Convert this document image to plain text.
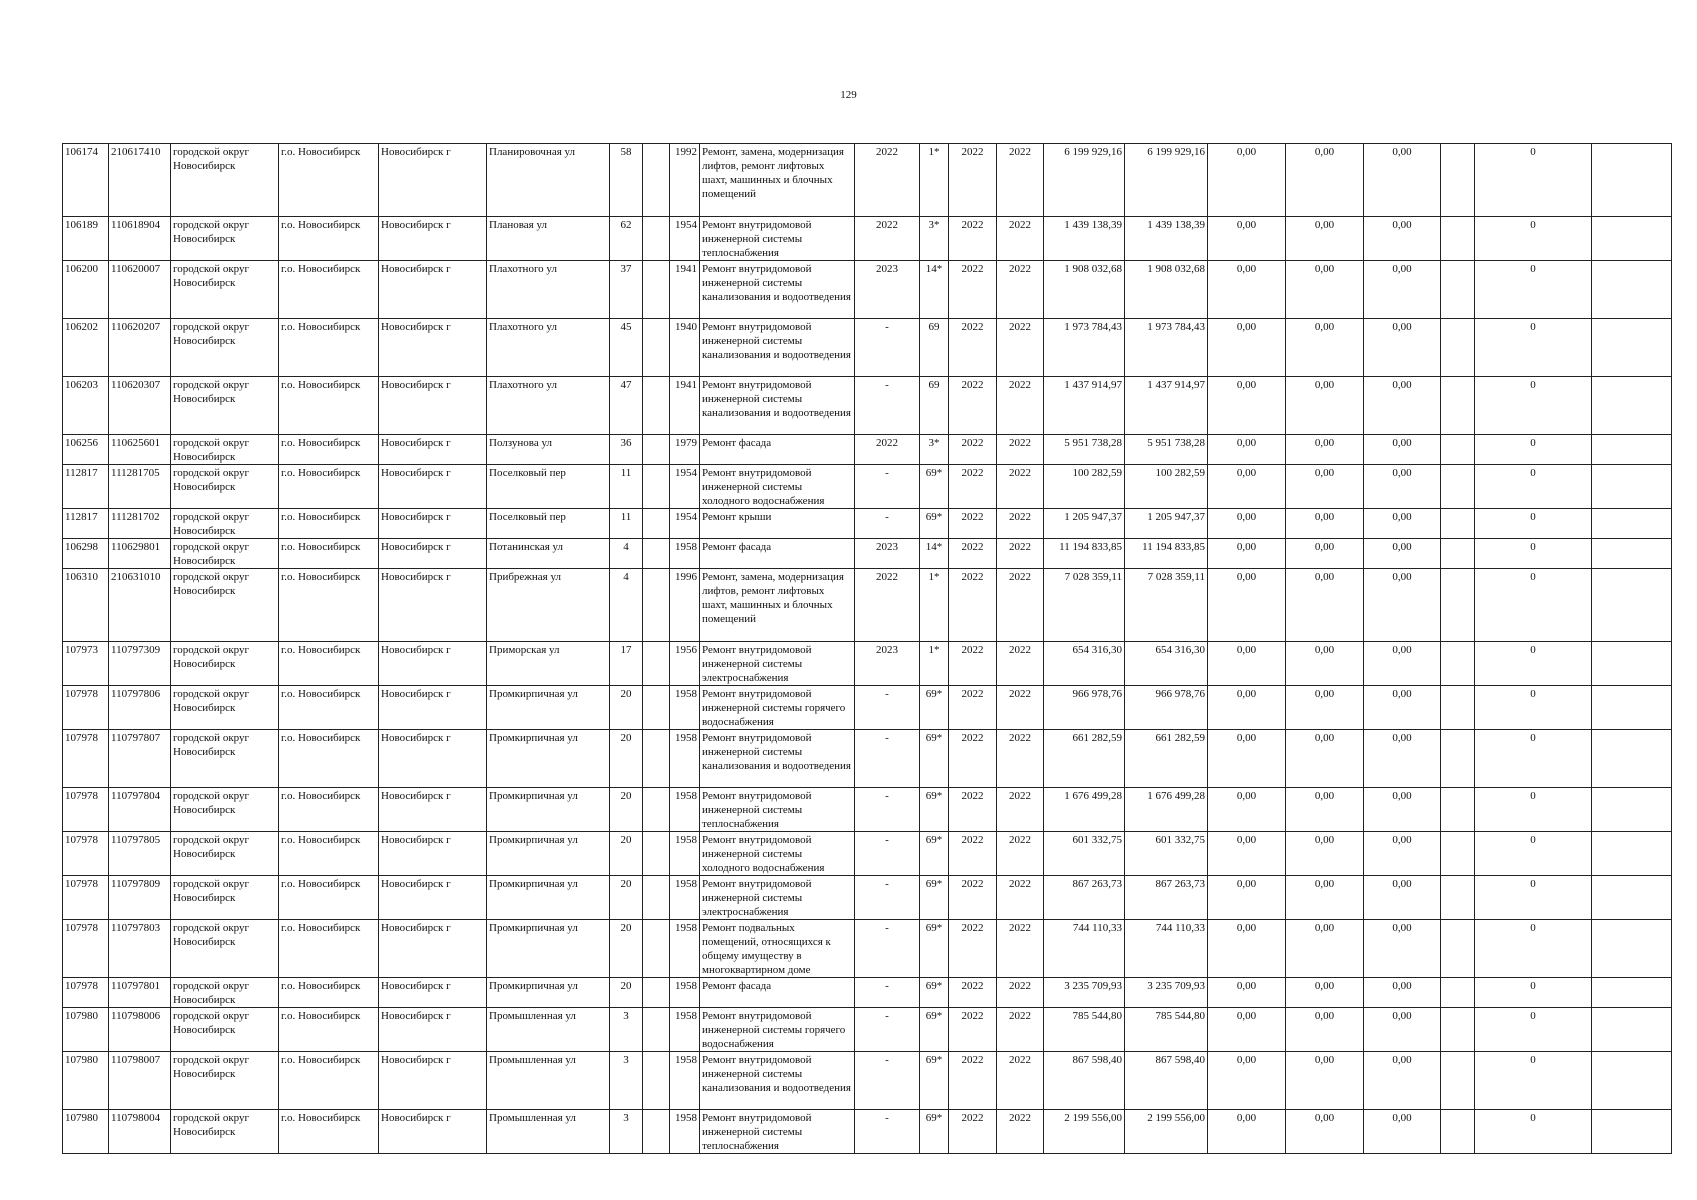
129
106174	210617410	городской округ Новосибирск	г.о. Новосибирск	Новосибирск г	Планировочная ул	58		1992	Ремонт, замена, модернизация лифтов, ремонт лифтовых шахт, машинных и блочных помещений	2022	1*	2022	2022	6 199 929,16	6 199 929,16	0,00	0,00	0,00		0	
106189	110618904	городской округ Новосибирск	г.о. Новосибирск	Новосибирск г	Плановая ул	62		1954	Ремонт внутридомовой инженерной системы теплоснабжения	2022	3*	2022	2022	1 439 138,39	1 439 138,39	0,00	0,00	0,00		0	
106200	110620007	городской округ Новосибирск	г.о. Новосибирск	Новосибирск г	Плахотного ул	37		1941	Ремонт внутридомовой инженерной системы канализования и водоотведения	2023	14*	2022	2022	1 908 032,68	1 908 032,68	0,00	0,00	0,00		0	
106202	110620207	городской округ Новосибирск	г.о. Новосибирск	Новосибирск г	Плахотного ул	45		1940	Ремонт внутридомовой инженерной системы канализования и водоотведения	-	69	2022	2022	1 973 784,43	1 973 784,43	0,00	0,00	0,00		0	
106203	110620307	городской округ Новосибирск	г.о. Новосибирск	Новосибирск г	Плахотного ул	47		1941	Ремонт внутридомовой инженерной системы канализования и водоотведения	-	69	2022	2022	1 437 914,97	1 437 914,97	0,00	0,00	0,00		0	
106256	110625601	городской округ Новосибирск	г.о. Новосибирск	Новосибирск г	Ползунова ул	36		1979	Ремонт фасада	2022	3*	2022	2022	5 951 738,28	5 951 738,28	0,00	0,00	0,00		0	
112817	111281705	городской округ Новосибирск	г.о. Новосибирск	Новосибирск г	Поселковый пер	11		1954	Ремонт внутридомовой инженерной системы холодного водоснабжения	-	69*	2022	2022	100 282,59	100 282,59	0,00	0,00	0,00		0	
112817	111281702	городской округ Новосибирск	г.о. Новосибирск	Новосибирск г	Поселковый пер	11		1954	Ремонт крыши	-	69*	2022	2022	1 205 947,37	1 205 947,37	0,00	0,00	0,00		0	
106298	110629801	городской округ Новосибирск	г.о. Новосибирск	Новосибирск г	Потанинская ул	4		1958	Ремонт фасада	2023	14*	2022	2022	11 194 833,85	11 194 833,85	0,00	0,00	0,00		0	
106310	210631010	городской округ Новосибирск	г.о. Новосибирск	Новосибирск г	Прибрежная ул	4		1996	Ремонт, замена, модернизация лифтов, ремонт лифтовых шахт, машинных и блочных помещений	2022	1*	2022	2022	7 028 359,11	7 028 359,11	0,00	0,00	0,00		0	
107973	110797309	городской округ Новосибирск	г.о. Новосибирск	Новосибирск г	Приморская ул	17		1956	Ремонт внутридомовой инженерной системы электроснабжения	2023	1*	2022	2022	654 316,30	654 316,30	0,00	0,00	0,00		0	
107978	110797806	городской округ Новосибирск	г.о. Новосибирск	Новосибирск г	Промкирпичная ул	20		1958	Ремонт внутридомовой инженерной системы горячего водоснабжения	-	69*	2022	2022	966 978,76	966 978,76	0,00	0,00	0,00		0	
107978	110797807	городской округ Новосибирск	г.о. Новосибирск	Новосибирск г	Промкирпичная ул	20		1958	Ремонт внутридомовой инженерной системы канализования и водоотведения	-	69*	2022	2022	661 282,59	661 282,59	0,00	0,00	0,00		0	
107978	110797804	городской округ Новосибирск	г.о. Новосибирск	Новосибирск г	Промкирпичная ул	20		1958	Ремонт внутридомовой инженерной системы теплоснабжения	-	69*	2022	2022	1 676 499,28	1 676 499,28	0,00	0,00	0,00		0	
107978	110797805	городской округ Новосибирск	г.о. Новосибирск	Новосибирск г	Промкирпичная ул	20		1958	Ремонт внутридомовой инженерной системы холодного водоснабжения	-	69*	2022	2022	601 332,75	601 332,75	0,00	0,00	0,00		0	
107978	110797809	городской округ Новосибирск	г.о. Новосибирск	Новосибирск г	Промкирпичная ул	20		1958	Ремонт внутридомовой инженерной системы электроснабжения	-	69*	2022	2022	867 263,73	867 263,73	0,00	0,00	0,00		0	
107978	110797803	городской округ Новосибирск	г.о. Новосибирск	Новосибирск г	Промкирпичная ул	20		1958	Ремонт подвальных помещений, относящихся к общему имуществу в многоквартирном доме	-	69*	2022	2022	744 110,33	744 110,33	0,00	0,00	0,00		0	
107978	110797801	городской округ Новосибирск	г.о. Новосибирск	Новосибирск г	Промкирпичная ул	20		1958	Ремонт фасада	-	69*	2022	2022	3 235 709,93	3 235 709,93	0,00	0,00	0,00		0	
107980	110798006	городской округ Новосибирск	г.о. Новосибирск	Новосибирск г	Промышленная ул	3		1958	Ремонт внутридомовой инженерной системы горячего водоснабжения	-	69*	2022	2022	785 544,80	785 544,80	0,00	0,00	0,00		0	
107980	110798007	городской округ Новосибирск	г.о. Новосибирск	Новосибирск г	Промышленная ул	3		1958	Ремонт внутридомовой инженерной системы канализования и водоотведения	-	69*	2022	2022	867 598,40	867 598,40	0,00	0,00	0,00		0	
107980	110798004	городской округ Новосибирск	г.о. Новосибирск	Новосибирск г	Промышленная ул	3		1958	Ремонт внутридомовой инженерной системы теплоснабжения	-	69*	2022	2022	2 199 556,00	2 199 556,00	0,00	0,00	0,00		0	
